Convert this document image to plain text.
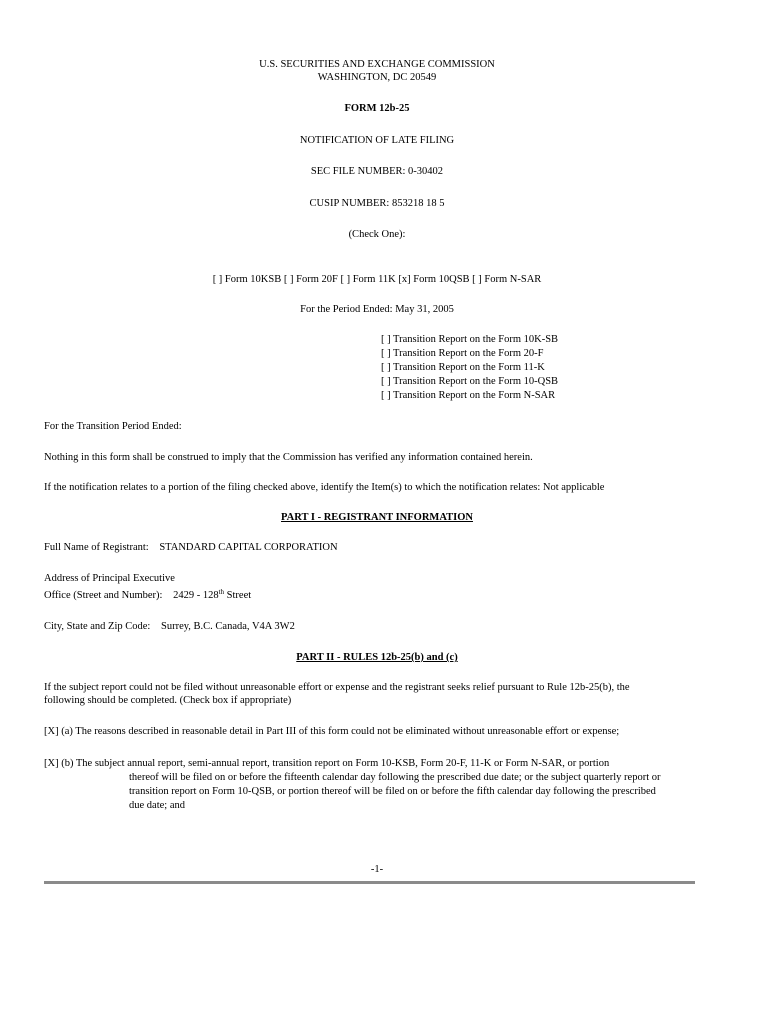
U.S. SECURITIES AND EXCHANGE COMMISSION
WASHINGTON, DC 20549
FORM 12b-25
NOTIFICATION OF LATE FILING
SEC FILE NUMBER: 0-30402
CUSIP NUMBER: 853218 18 5
(Check One):
[ ] Form 10KSB [ ] Form 20F [ ] Form 11K [x] Form 10QSB [ ] Form N-SAR
For the Period Ended: May 31, 2005
[ ] Transition Report on the Form 10K-SB
[ ] Transition Report on the Form 20-F
[ ] Transition Report on the Form 11-K
[ ] Transition Report on the Form 10-QSB
[ ] Transition Report on the Form N-SAR
For the Transition Period Ended:
Nothing in this form shall be construed to imply that the Commission has verified any information contained herein.
If the notification relates to a portion of the filing checked above, identify the Item(s) to which the notification relates: Not applicable
PART I - REGISTRANT INFORMATION
Full Name of Registrant: STANDARD CAPITAL CORPORATION
Address of Principal Executive
Office (Street and Number): 2429 - 128th Street
City, State and Zip Code: Surrey, B.C. Canada, V4A 3W2
PART II - RULES 12b-25(b) and (c)
If the subject report could not be filed without unreasonable effort or expense and the registrant seeks relief pursuant to Rule 12b-25(b), the
following should be completed. (Check box if appropriate)
[X] (a) The reasons described in reasonable detail in Part III of this form could not be eliminated without unreasonable effort or expense;
[X] (b) The subject annual report, semi-annual report, transition report on Form 10-KSB, Form 20-F, 11-K or Form N-SAR, or portion
thereof will be filed on or before the fifteenth calendar day following the prescribed due date; or the subject quarterly report or
transition report on Form 10-QSB, or portion thereof will be filed on or before the fifth calendar day following the prescribed
due date; and
-1-
